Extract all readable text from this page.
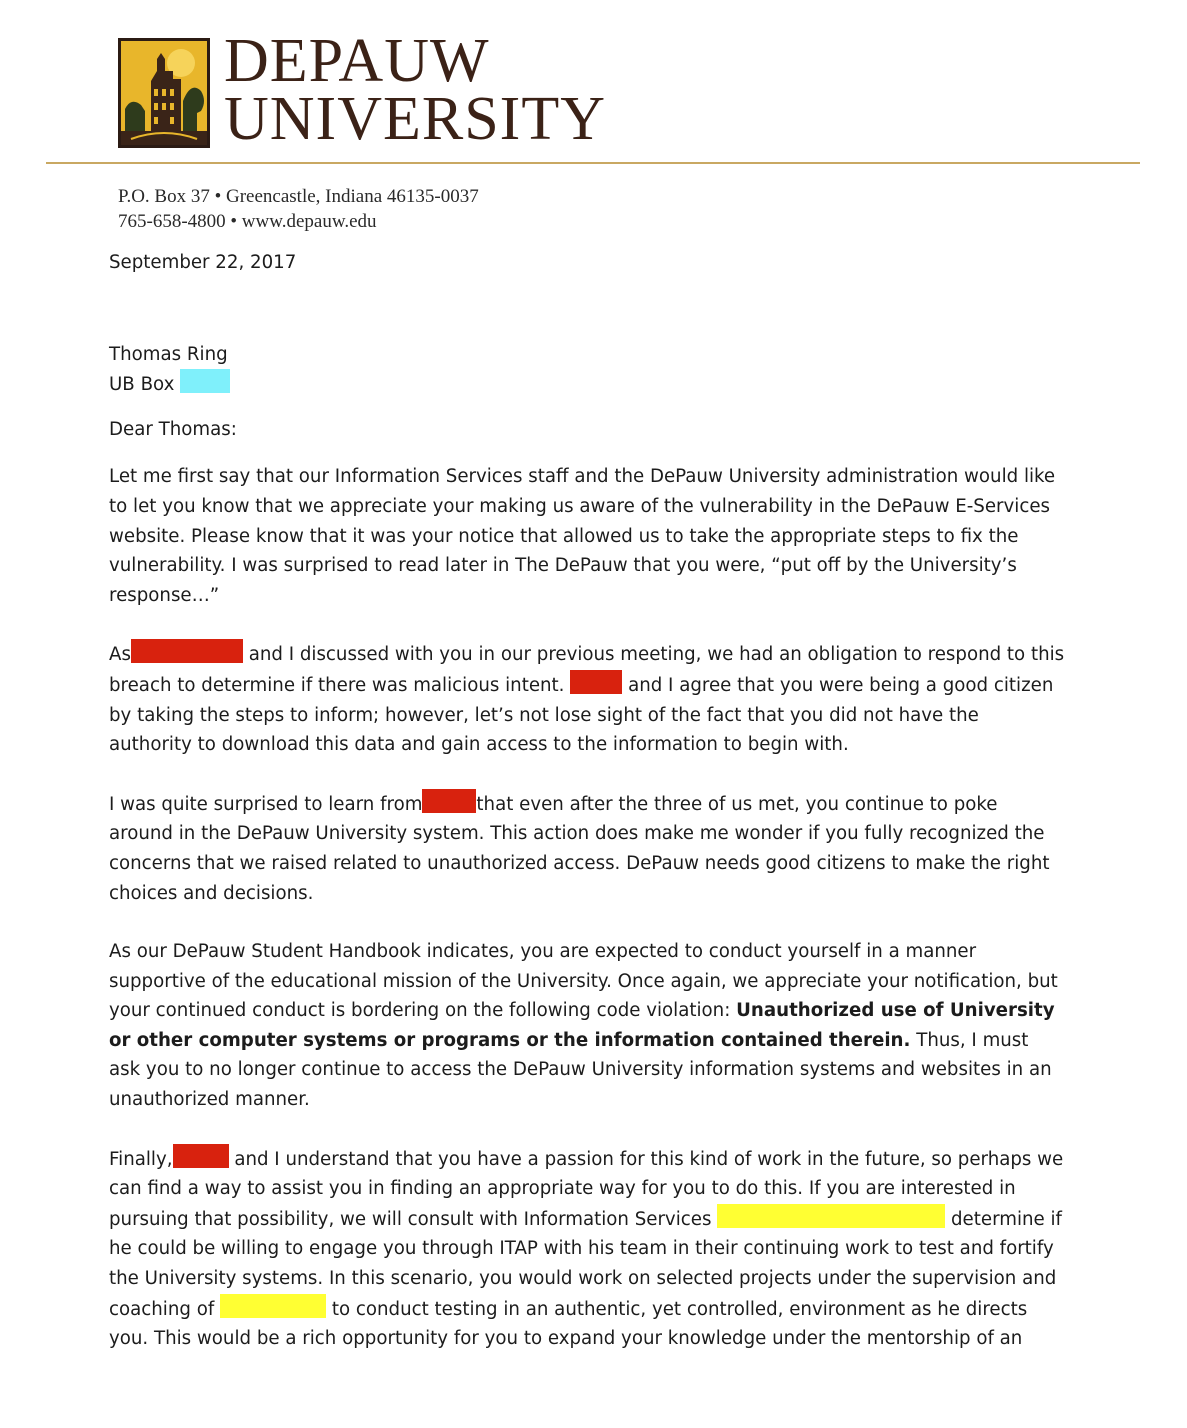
DEPAUW
UNIVERSITY
P.O. Box 37 • Greencastle, Indiana 46135-0037
765-658-4800 • www.depauw.edu
September 22, 2017
Thomas Ring
UB Box
Dear Thomas:

Let me first say that our Information Services staff and the DePauw University administration would like to let you know that we appreciate your making us aware of the vulnerability in the DePauw E-Services website. Please know that it was your notice that allowed us to take the appropriate steps to fix the vulnerability. I was surprised to read later in The DePauw that you were, “put off by the University’s response…”

As	and I discussed with you in our previous meeting, we had an obligation to respond to this breach to determine if there was malicious intent.	and I agree that you were being a good citizen by taking the steps to inform; however, let’s not lose sight of the fact that you did not have the authority to download this data and gain access to the information to begin with.

I was quite surprised to learn from	that even after the three of us met, you continue to poke around in the DePauw University system. This action does make me wonder if you fully recognized the concerns that we raised related to unauthorized access. DePauw needs good citizens to make the right choices and decisions.

As our DePauw Student Handbook indicates, you are expected to conduct yourself in a manner supportive of the educational mission of the University. Once again, we appreciate your notification, but your continued conduct is bordering on the following code violation: Unauthorized use of University or other computer systems or programs or the information contained therein. Thus, I must ask you to no longer continue to access the DePauw University information systems and websites in an unauthorized manner.

Finally,	and I understand that you have a passion for this kind of work in the future, so perhaps we can find a way to assist you in finding an appropriate way for you to do this. If you are interested in pursuing that possibility, we will consult with Information Services	determine if he could be willing to engage you through ITAP with his team in their continuing work to test and fortify the University systems. In this scenario, you would work on selected projects under the supervision and coaching of	to conduct testing in an authentic, yet controlled, environment as he directs you. This would be a rich opportunity for you to expand your knowledge under the mentorship of an
